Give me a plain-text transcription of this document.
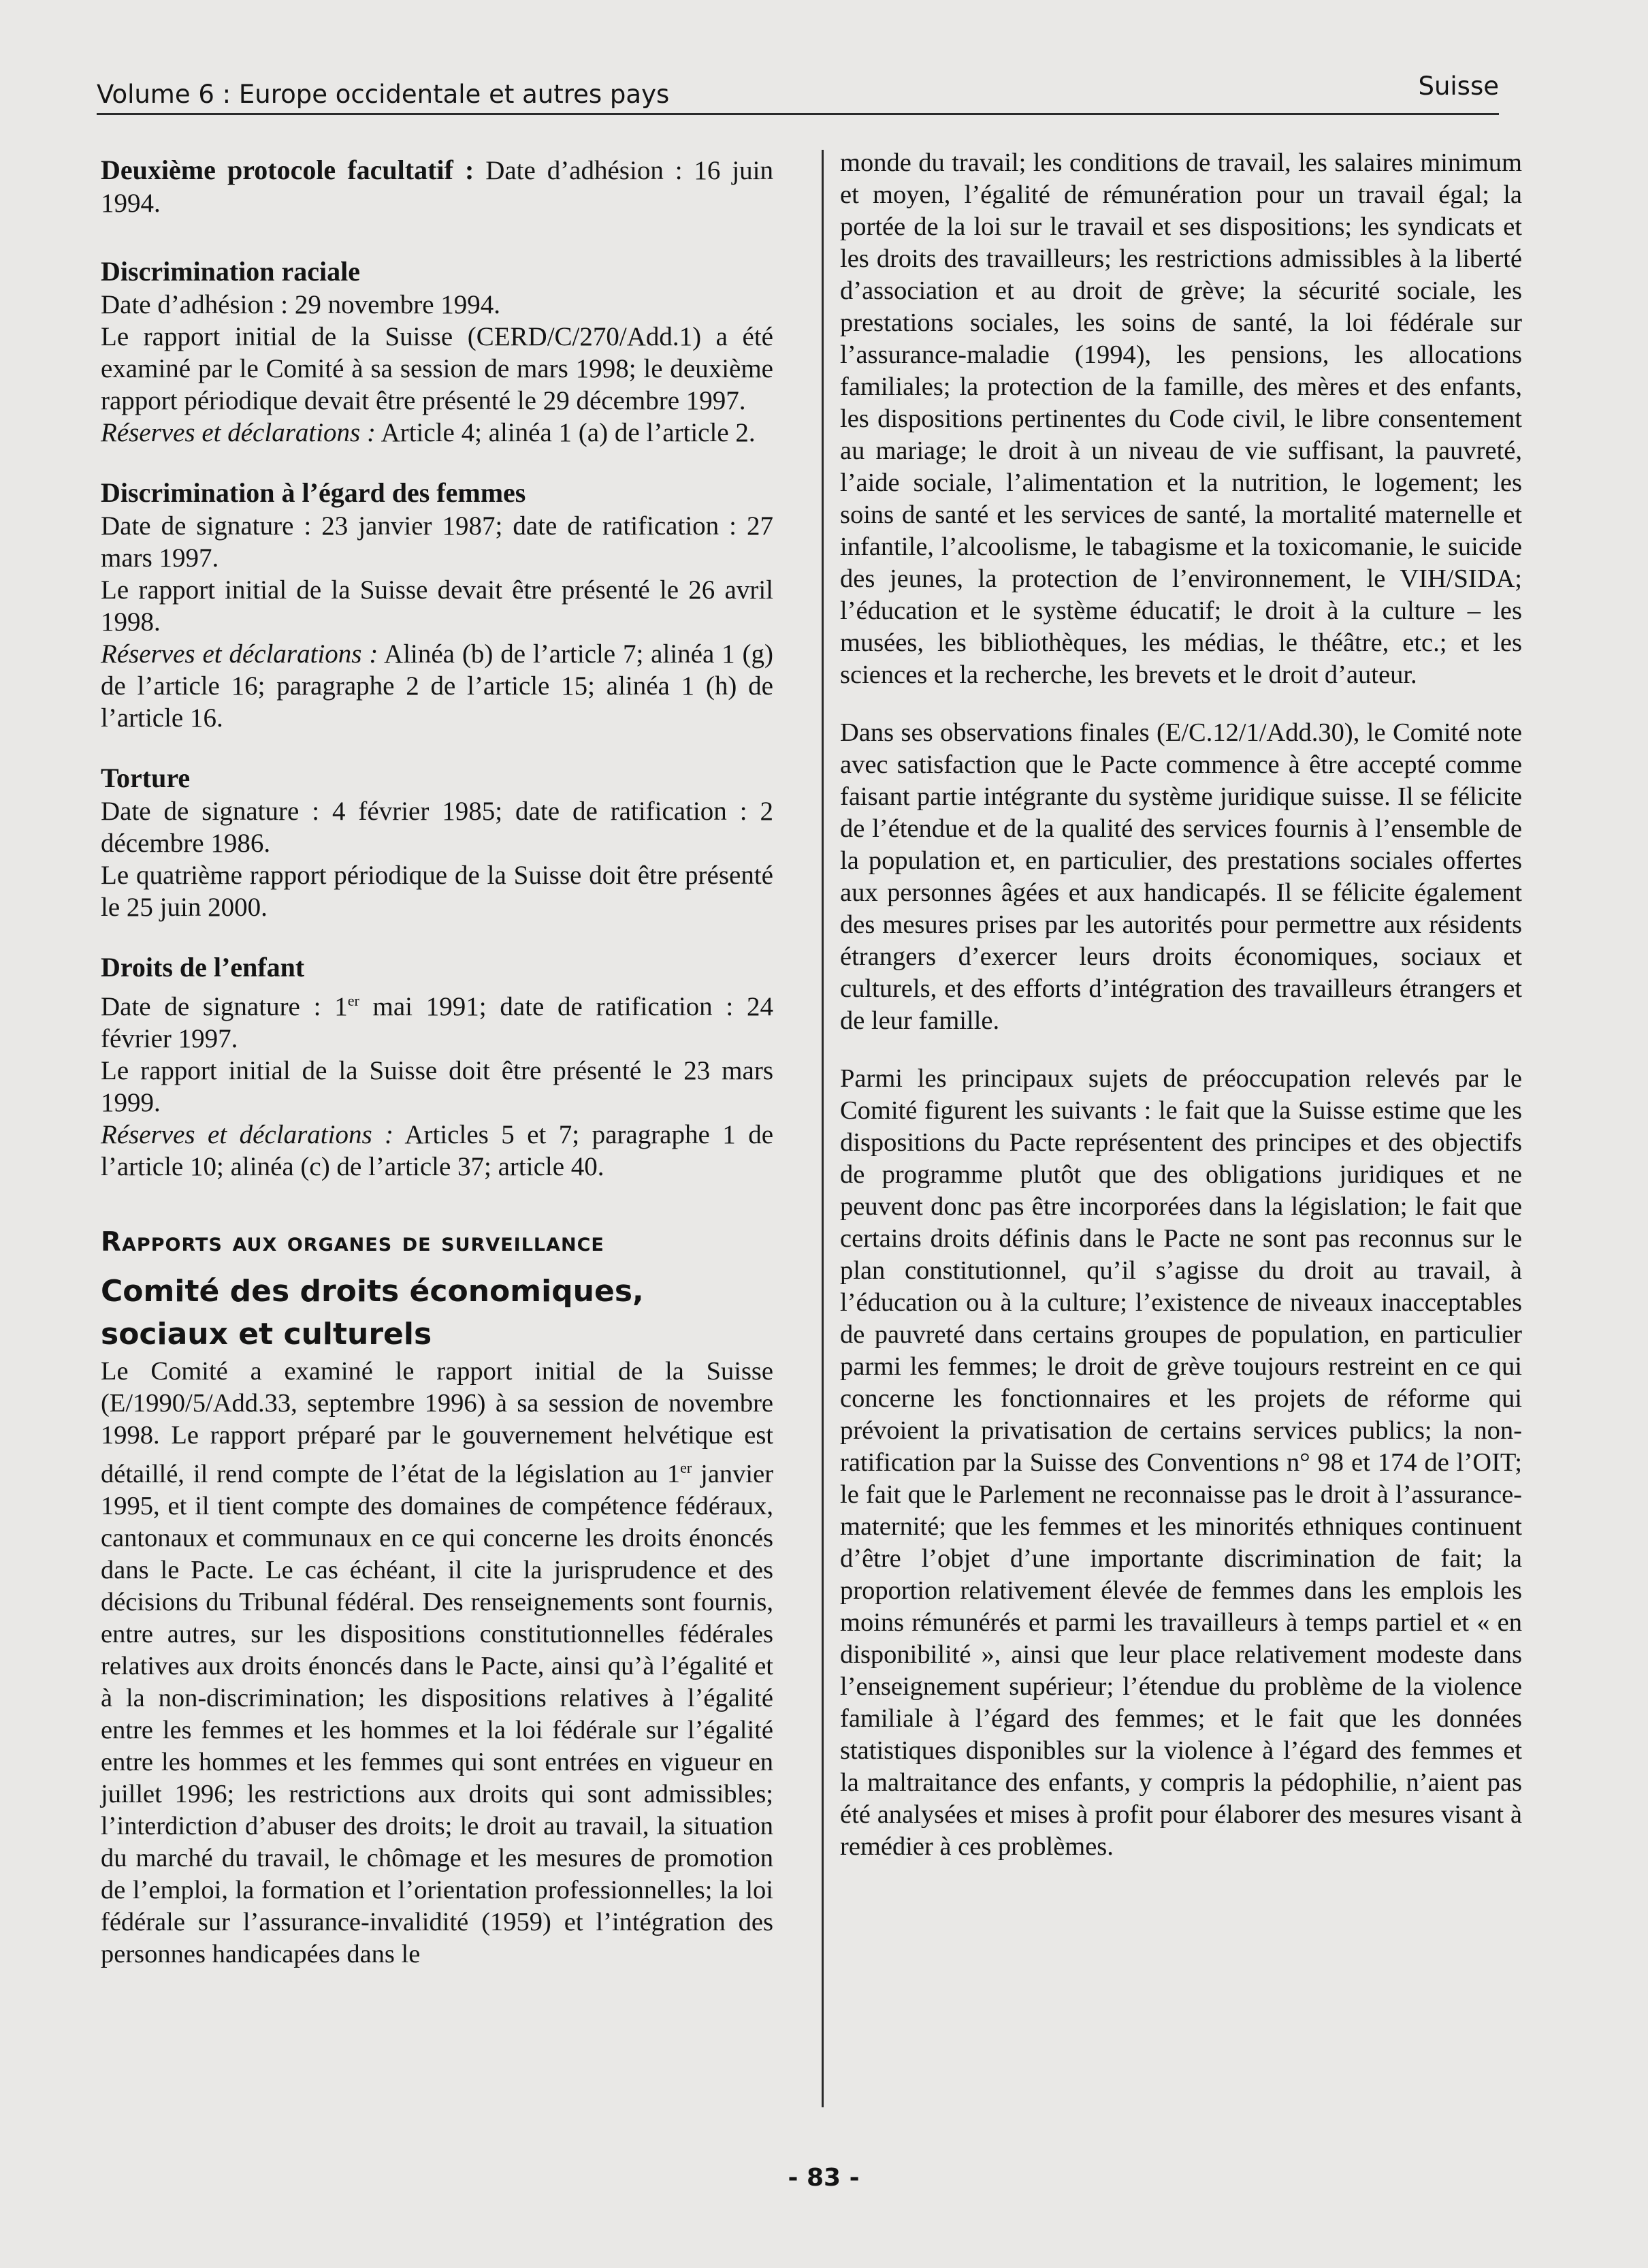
Volume 6 : Europe occidentale et autres pays	Suisse

Deuxième protocole facultatif : Date d’adhésion : 16 juin 1994.

Discrimination raciale

Date d’adhésion : 29 novembre 1994.

Le rapport initial de la Suisse (CERD/C/270/Add.1) a été examiné par le Comité à sa session de mars 1998; le deuxième rapport périodique devait être présenté le 29 décembre 1997.

Réserves et déclarations : Article 4; alinéa 1 (a) de l’article 2.

Discrimination à l’égard des femmes

Date de signature : 23 janvier 1987; date de ratification : 27 mars 1997.

Le rapport initial de la Suisse devait être présenté le 26 avril 1998.

Réserves et déclarations : Alinéa (b) de l’article 7; alinéa 1 (g) de l’article 16; paragraphe 2 de l’article 15; alinéa 1 (h) de l’article 16.

Torture

Date de signature : 4 février 1985; date de ratification : 2 décembre 1986.

Le quatrième rapport périodique de la Suisse doit être présenté le 25 juin 2000.

Droits de l’enfant

Date de signature : 1er mai 1991; date de ratification : 24 février 1997.

Le rapport initial de la Suisse doit être présenté le 23 mars 1999.

Réserves et déclarations : Articles 5 et 7; paragraphe 1 de l’article 10; alinéa (c) de l’article 37; article 40.

Rapports aux organes de surveillance

Comité des droits économiques, sociaux et culturels

Le Comité a examiné le rapport initial de la Suisse (E/1990/5/Add.33, septembre 1996) à sa session de novembre 1998. Le rapport préparé par le gouvernement helvétique est détaillé, il rend compte de l’état de la législation au 1er janvier 1995, et il tient compte des domaines de compétence fédéraux, cantonaux et communaux en ce qui concerne les droits énoncés dans le Pacte. Le cas échéant, il cite la jurisprudence et des décisions du Tribunal fédéral. Des renseignements sont fournis, entre autres, sur les dispositions constitutionnelles fédérales relatives aux droits énoncés dans le Pacte, ainsi qu’à l’égalité et à la non-discrimination; les dispositions relatives à l’égalité entre les femmes et les hommes et la loi fédérale sur l’égalité entre les hommes et les femmes qui sont entrées en vigueur en juillet 1996; les restrictions aux droits qui sont admissibles; l’interdiction d’abuser des droits; le droit au travail, la situation du marché du travail, le chômage et les mesures de promotion de l’emploi, la formation et l’orientation professionnelles; la loi fédérale sur l’assurance-invalidité (1959) et l’intégration des personnes handicapées dans le

monde du travail; les conditions de travail, les salaires minimum et moyen, l’égalité de rémunération pour un travail égal; la portée de la loi sur le travail et ses dispositions; les syndicats et les droits des travailleurs; les restrictions admissibles à la liberté d’association et au droit de grève; la sécurité sociale, les prestations sociales, les soins de santé, la loi fédérale sur l’assurance-maladie (1994), les pensions, les allocations familiales; la protection de la famille, des mères et des enfants, les dispositions pertinentes du Code civil, le libre consentement au mariage; le droit à un niveau de vie suffisant, la pauvreté, l’aide sociale, l’alimentation et la nutrition, le logement; les soins de santé et les services de santé, la mortalité maternelle et infantile, l’alcoolisme, le tabagisme et la toxicomanie, le suicide des jeunes, la protection de l’environnement, le VIH/SIDA; l’éducation et le système éducatif; le droit à la culture – les musées, les bibliothèques, les médias, le théâtre, etc.; et les sciences et la recherche, les brevets et le droit d’auteur.

Dans ses observations finales (E/C.12/1/Add.30), le Comité note avec satisfaction que le Pacte commence à être accepté comme faisant partie intégrante du système juridique suisse. Il se félicite de l’étendue et de la qualité des services fournis à l’ensemble de la population et, en particulier, des prestations sociales offertes aux personnes âgées et aux handicapés. Il se félicite également des mesures prises par les autorités pour permettre aux résidents étrangers d’exercer leurs droits économiques, sociaux et culturels, et des efforts d’intégration des travailleurs étrangers et de leur famille.

Parmi les principaux sujets de préoccupation relevés par le Comité figurent les suivants : le fait que la Suisse estime que les dispositions du Pacte représentent des principes et des objectifs de programme plutôt que des obligations juridiques et ne peuvent donc pas être incorporées dans la législation; le fait que certains droits définis dans le Pacte ne sont pas reconnus sur le plan constitutionnel, qu’il s’agisse du droit au travail, à l’éducation ou à la culture; l’existence de niveaux inacceptables de pauvreté dans certains groupes de population, en particulier parmi les femmes; le droit de grève toujours restreint en ce qui concerne les fonctionnaires et les projets de réforme qui prévoient la privatisation de certains services publics; la non-ratification par la Suisse des Conventions n° 98 et 174 de l’OIT; le fait que le Parlement ne reconnaisse pas le droit à l’assurance-maternité; que les femmes et les minorités ethniques continuent d’être l’objet d’une importante discrimination de fait; la proportion relativement élevée de femmes dans les emplois les moins rémunérés et parmi les travailleurs à temps partiel et « en disponibilité », ainsi que leur place relativement modeste dans l’enseignement supérieur; l’étendue du problème de la violence familiale à l’égard des femmes; et le fait que les données statistiques disponibles sur la violence à l’égard des femmes et la maltraitance des enfants, y compris la pédophilie, n’aient pas été analysées et mises à profit pour élaborer des mesures visant à remédier à ces problèmes.

- 83 -
